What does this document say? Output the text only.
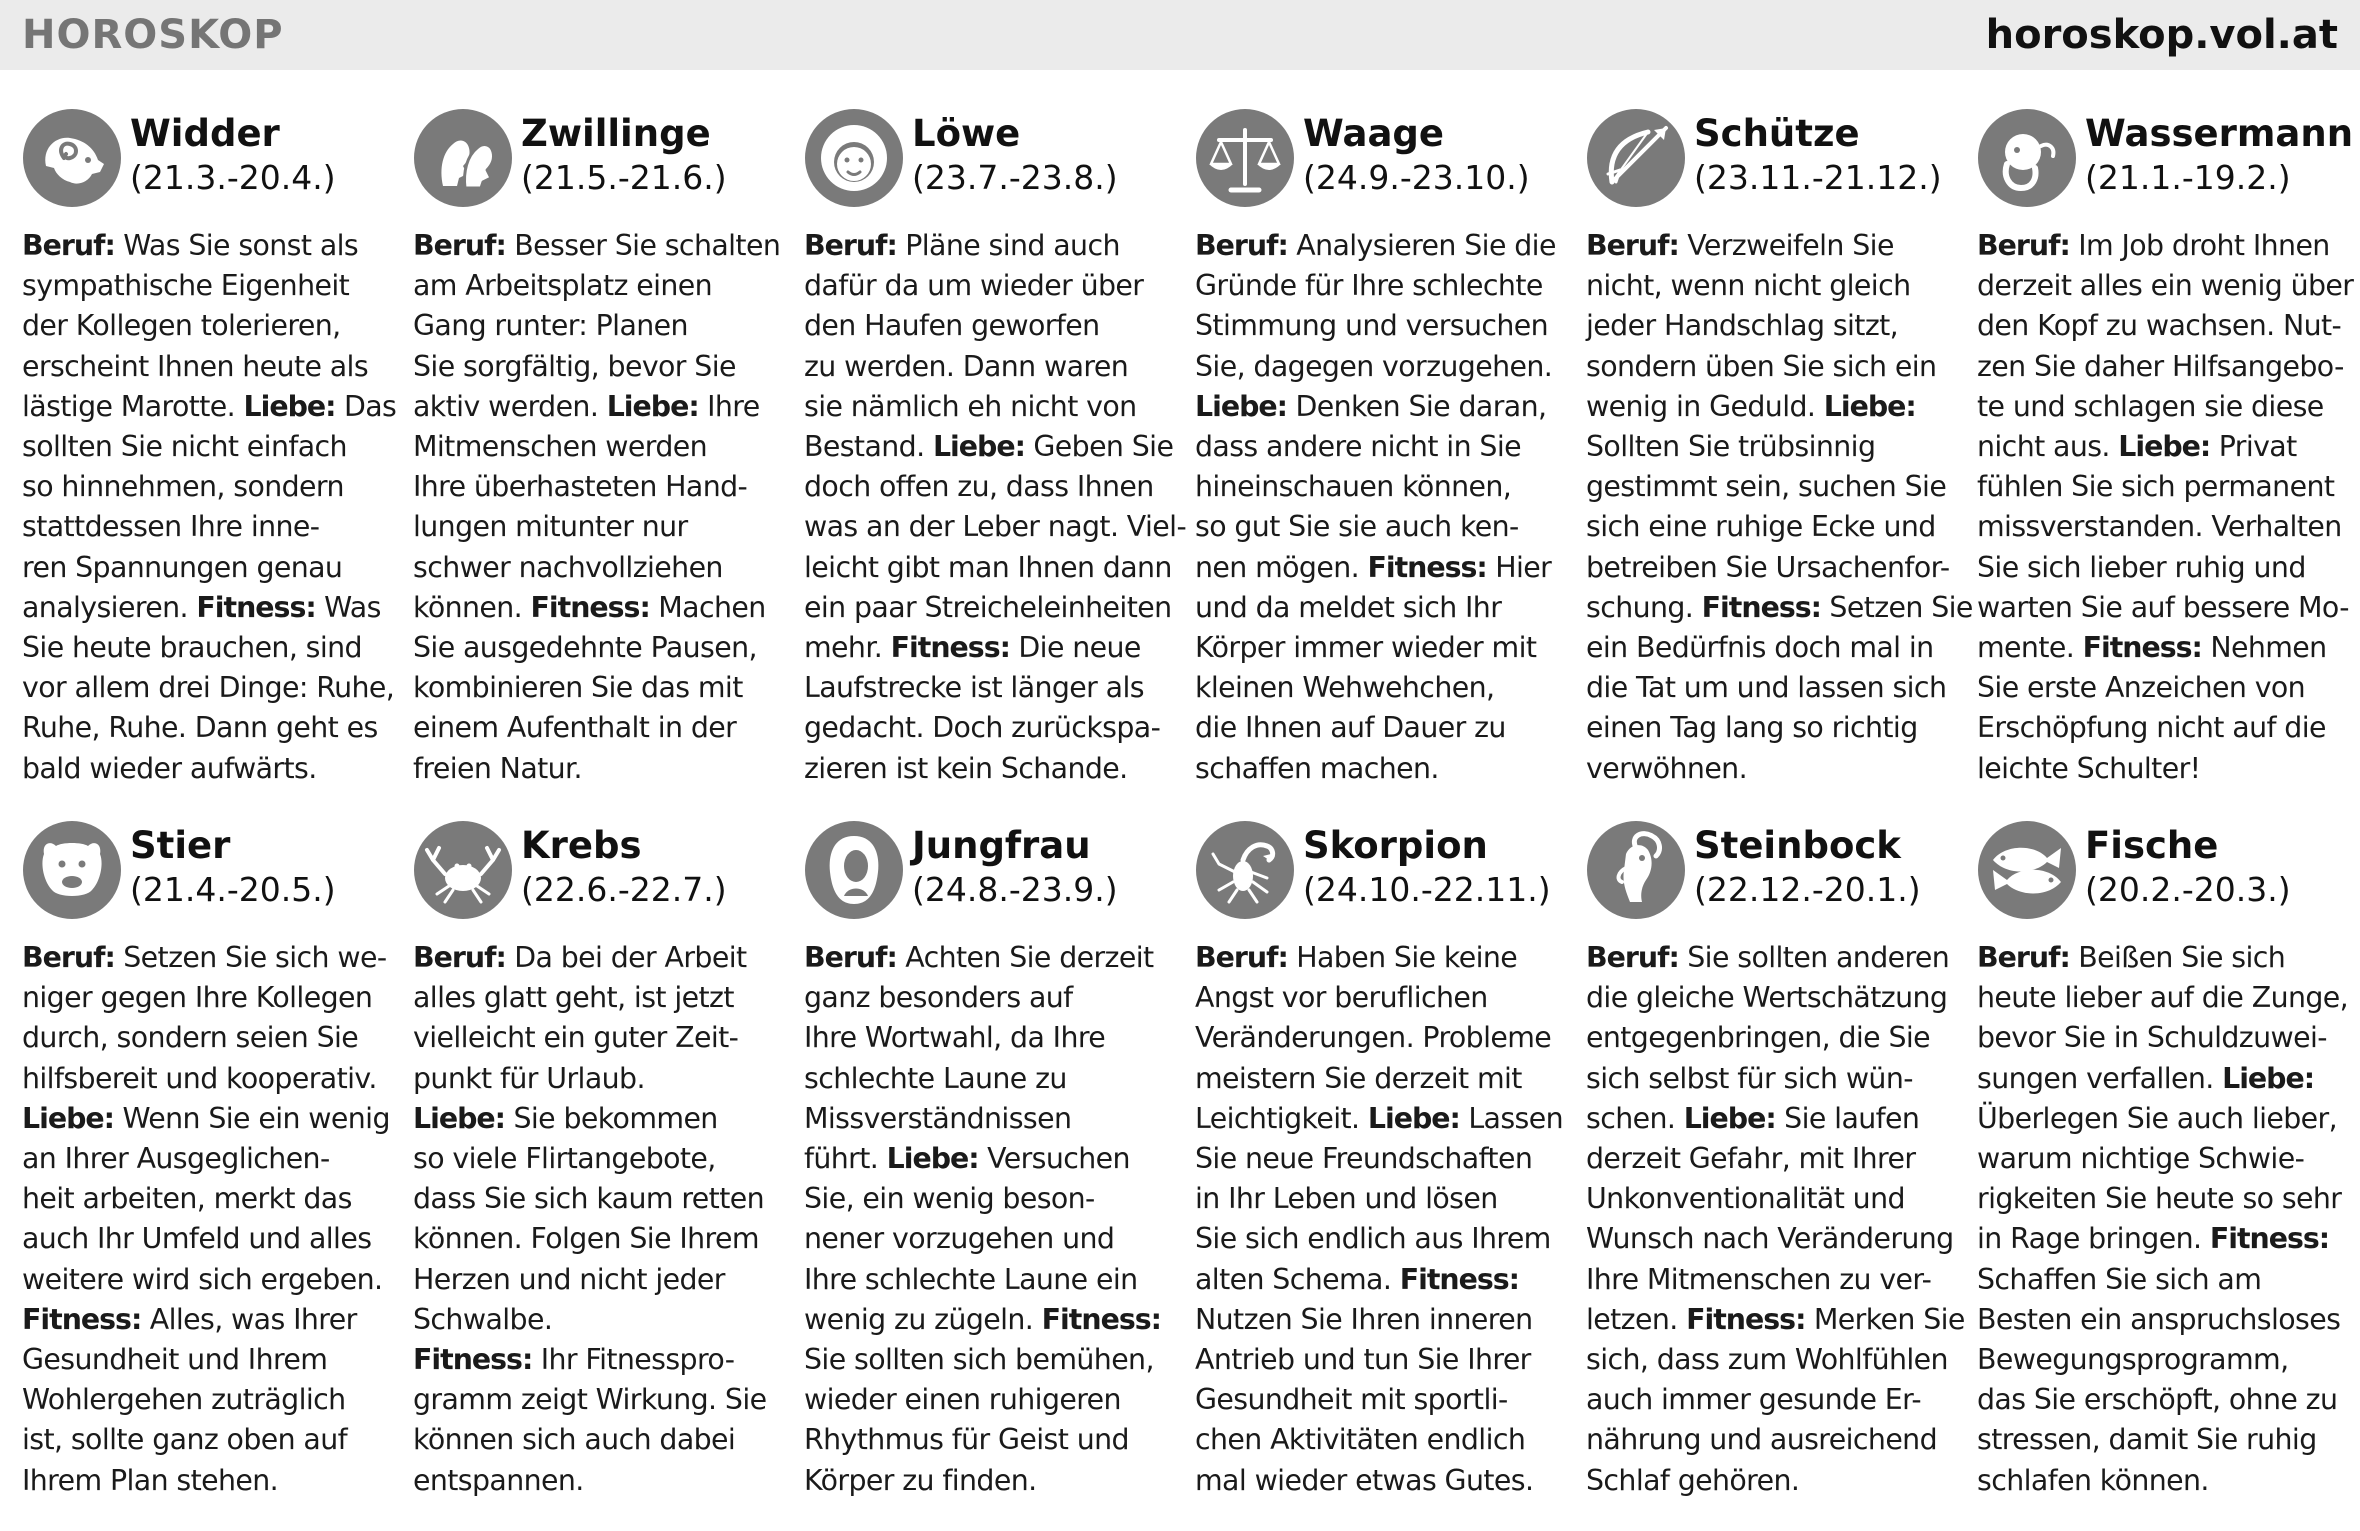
HOROSKOP	horoskop.vol.at
Widder
(21.3.-20.4.)
Beruf: Was Sie sonst als
sympathische Eigenheit
der Kollegen tolerieren,
erscheint Ihnen heute als
lästige Marotte. Liebe: Das
sollten Sie nicht einfach
so hinnehmen, sondern
stattdessen Ihre inne-
ren Spannungen genau
analysieren. Fitness: Was
Sie heute brauchen, sind
vor allem drei Dinge: Ruhe,
Ruhe, Ruhe. Dann geht es
bald wieder aufwärts.
Zwillinge
(21.5.-21.6.)
Beruf: Besser Sie schalten
am Arbeitsplatz einen
Gang runter: Planen
Sie sorgfältig, bevor Sie
aktiv werden. Liebe: Ihre
Mitmenschen werden
Ihre überhasteten Hand-
lungen mitunter nur
schwer nachvollziehen
können. Fitness: Machen
Sie ausgedehnte Pausen,
kombinieren Sie das mit
einem Aufenthalt in der
freien Natur.
Löwe
(23.7.-23.8.)
Beruf: Pläne sind auch
dafür da um wieder über
den Haufen geworfen
zu werden. Dann waren
sie nämlich eh nicht von
Bestand. Liebe: Geben Sie
doch offen zu, dass Ihnen
was an der Leber nagt. Viel-
leicht gibt man Ihnen dann
ein paar Streicheleinheiten
mehr. Fitness: Die neue
Laufstrecke ist länger als
gedacht. Doch zurückspa-
zieren ist kein Schande.
Waage
(24.9.-23.10.)
Beruf: Analysieren Sie die
Gründe für Ihre schlechte
Stimmung und versuchen
Sie, dagegen vorzugehen.
Liebe: Denken Sie daran,
dass andere nicht in Sie
hineinschauen können,
so gut Sie sie auch ken-
nen mögen. Fitness: Hier
und da meldet sich Ihr
Körper immer wieder mit
kleinen Wehwehchen,
die Ihnen auf Dauer zu
schaffen machen.
Schütze
(23.11.-21.12.)
Beruf: Verzweifeln Sie
nicht, wenn nicht gleich
jeder Handschlag sitzt,
sondern üben Sie sich ein
wenig in Geduld. Liebe:
Sollten Sie trübsinnig
gestimmt sein, suchen Sie
sich eine ruhige Ecke und
betreiben Sie Ursachenfor-
schung. Fitness: Setzen Sie
ein Bedürfnis doch mal in
die Tat um und lassen sich
einen Tag lang so richtig
verwöhnen.
Wassermann
(21.1.-19.2.)
Beruf: Im Job droht Ihnen
derzeit alles ein wenig über
den Kopf zu wachsen. Nut-
zen Sie daher Hilfsangebo-
te und schlagen sie diese
nicht aus. Liebe: Privat
fühlen Sie sich permanent
missverstanden. Verhalten
Sie sich lieber ruhig und
warten Sie auf bessere Mo-
mente. Fitness: Nehmen
Sie erste Anzeichen von
Erschöpfung nicht auf die
leichte Schulter!
Stier
(21.4.-20.5.)
Beruf: Setzen Sie sich we-
niger gegen Ihre Kollegen
durch, sondern seien Sie
hilfsbereit und kooperativ.
Liebe: Wenn Sie ein wenig
an Ihrer Ausgeglichen-
heit arbeiten, merkt das
auch Ihr Umfeld und alles
weitere wird sich ergeben.
Fitness: Alles, was Ihrer
Gesundheit und Ihrem
Wohlergehen zuträglich
ist, sollte ganz oben auf
Ihrem Plan stehen.
Krebs
(22.6.-22.7.)
Beruf: Da bei der Arbeit
alles glatt geht, ist jetzt
vielleicht ein guter Zeit-
punkt für Urlaub.
Liebe: Sie bekommen
so viele Flirtangebote,
dass Sie sich kaum retten
können. Folgen Sie Ihrem
Herzen und nicht jeder
Schwalbe.
Fitness: Ihr Fitnesspro-
gramm zeigt Wirkung. Sie
können sich auch dabei
entspannen.
Jungfrau
(24.8.-23.9.)
Beruf: Achten Sie derzeit
ganz besonders auf
Ihre Wortwahl, da Ihre
schlechte Laune zu
Missverständnissen
führt. Liebe: Versuchen
Sie, ein wenig beson-
nener vorzugehen und
Ihre schlechte Laune ein
wenig zu zügeln. Fitness:
Sie sollten sich bemühen,
wieder einen ruhigeren
Rhythmus für Geist und
Körper zu finden.
Skorpion
(24.10.-22.11.)
Beruf: Haben Sie keine
Angst vor beruflichen
Veränderungen. Probleme
meistern Sie derzeit mit
Leichtigkeit. Liebe: Lassen
Sie neue Freundschaften
in Ihr Leben und lösen
Sie sich endlich aus Ihrem
alten Schema. Fitness:
Nutzen Sie Ihren inneren
Antrieb und tun Sie Ihrer
Gesundheit mit sportli-
chen Aktivitäten endlich
mal wieder etwas Gutes.
Steinbock
(22.12.-20.1.)
Beruf: Sie sollten anderen
die gleiche Wertschätzung
entgegenbringen, die Sie
sich selbst für sich wün-
schen. Liebe: Sie laufen
derzeit Gefahr, mit Ihrer
Unkonventionalität und
Wunsch nach Veränderung
Ihre Mitmenschen zu ver-
letzen. Fitness: Merken Sie
sich, dass zum Wohlfühlen
auch immer gesunde Er-
nährung und ausreichend
Schlaf gehören.
Fische
(20.2.-20.3.)
Beruf: Beißen Sie sich
heute lieber auf die Zunge,
bevor Sie in Schuldzuwei-
sungen verfallen. Liebe:
Überlegen Sie auch lieber,
warum nichtige Schwie-
rigkeiten Sie heute so sehr
in Rage bringen. Fitness:
Schaffen Sie sich am
Besten ein anspruchsloses
Bewegungsprogramm,
das Sie erschöpft, ohne zu
stressen, damit Sie ruhig
schlafen können.
